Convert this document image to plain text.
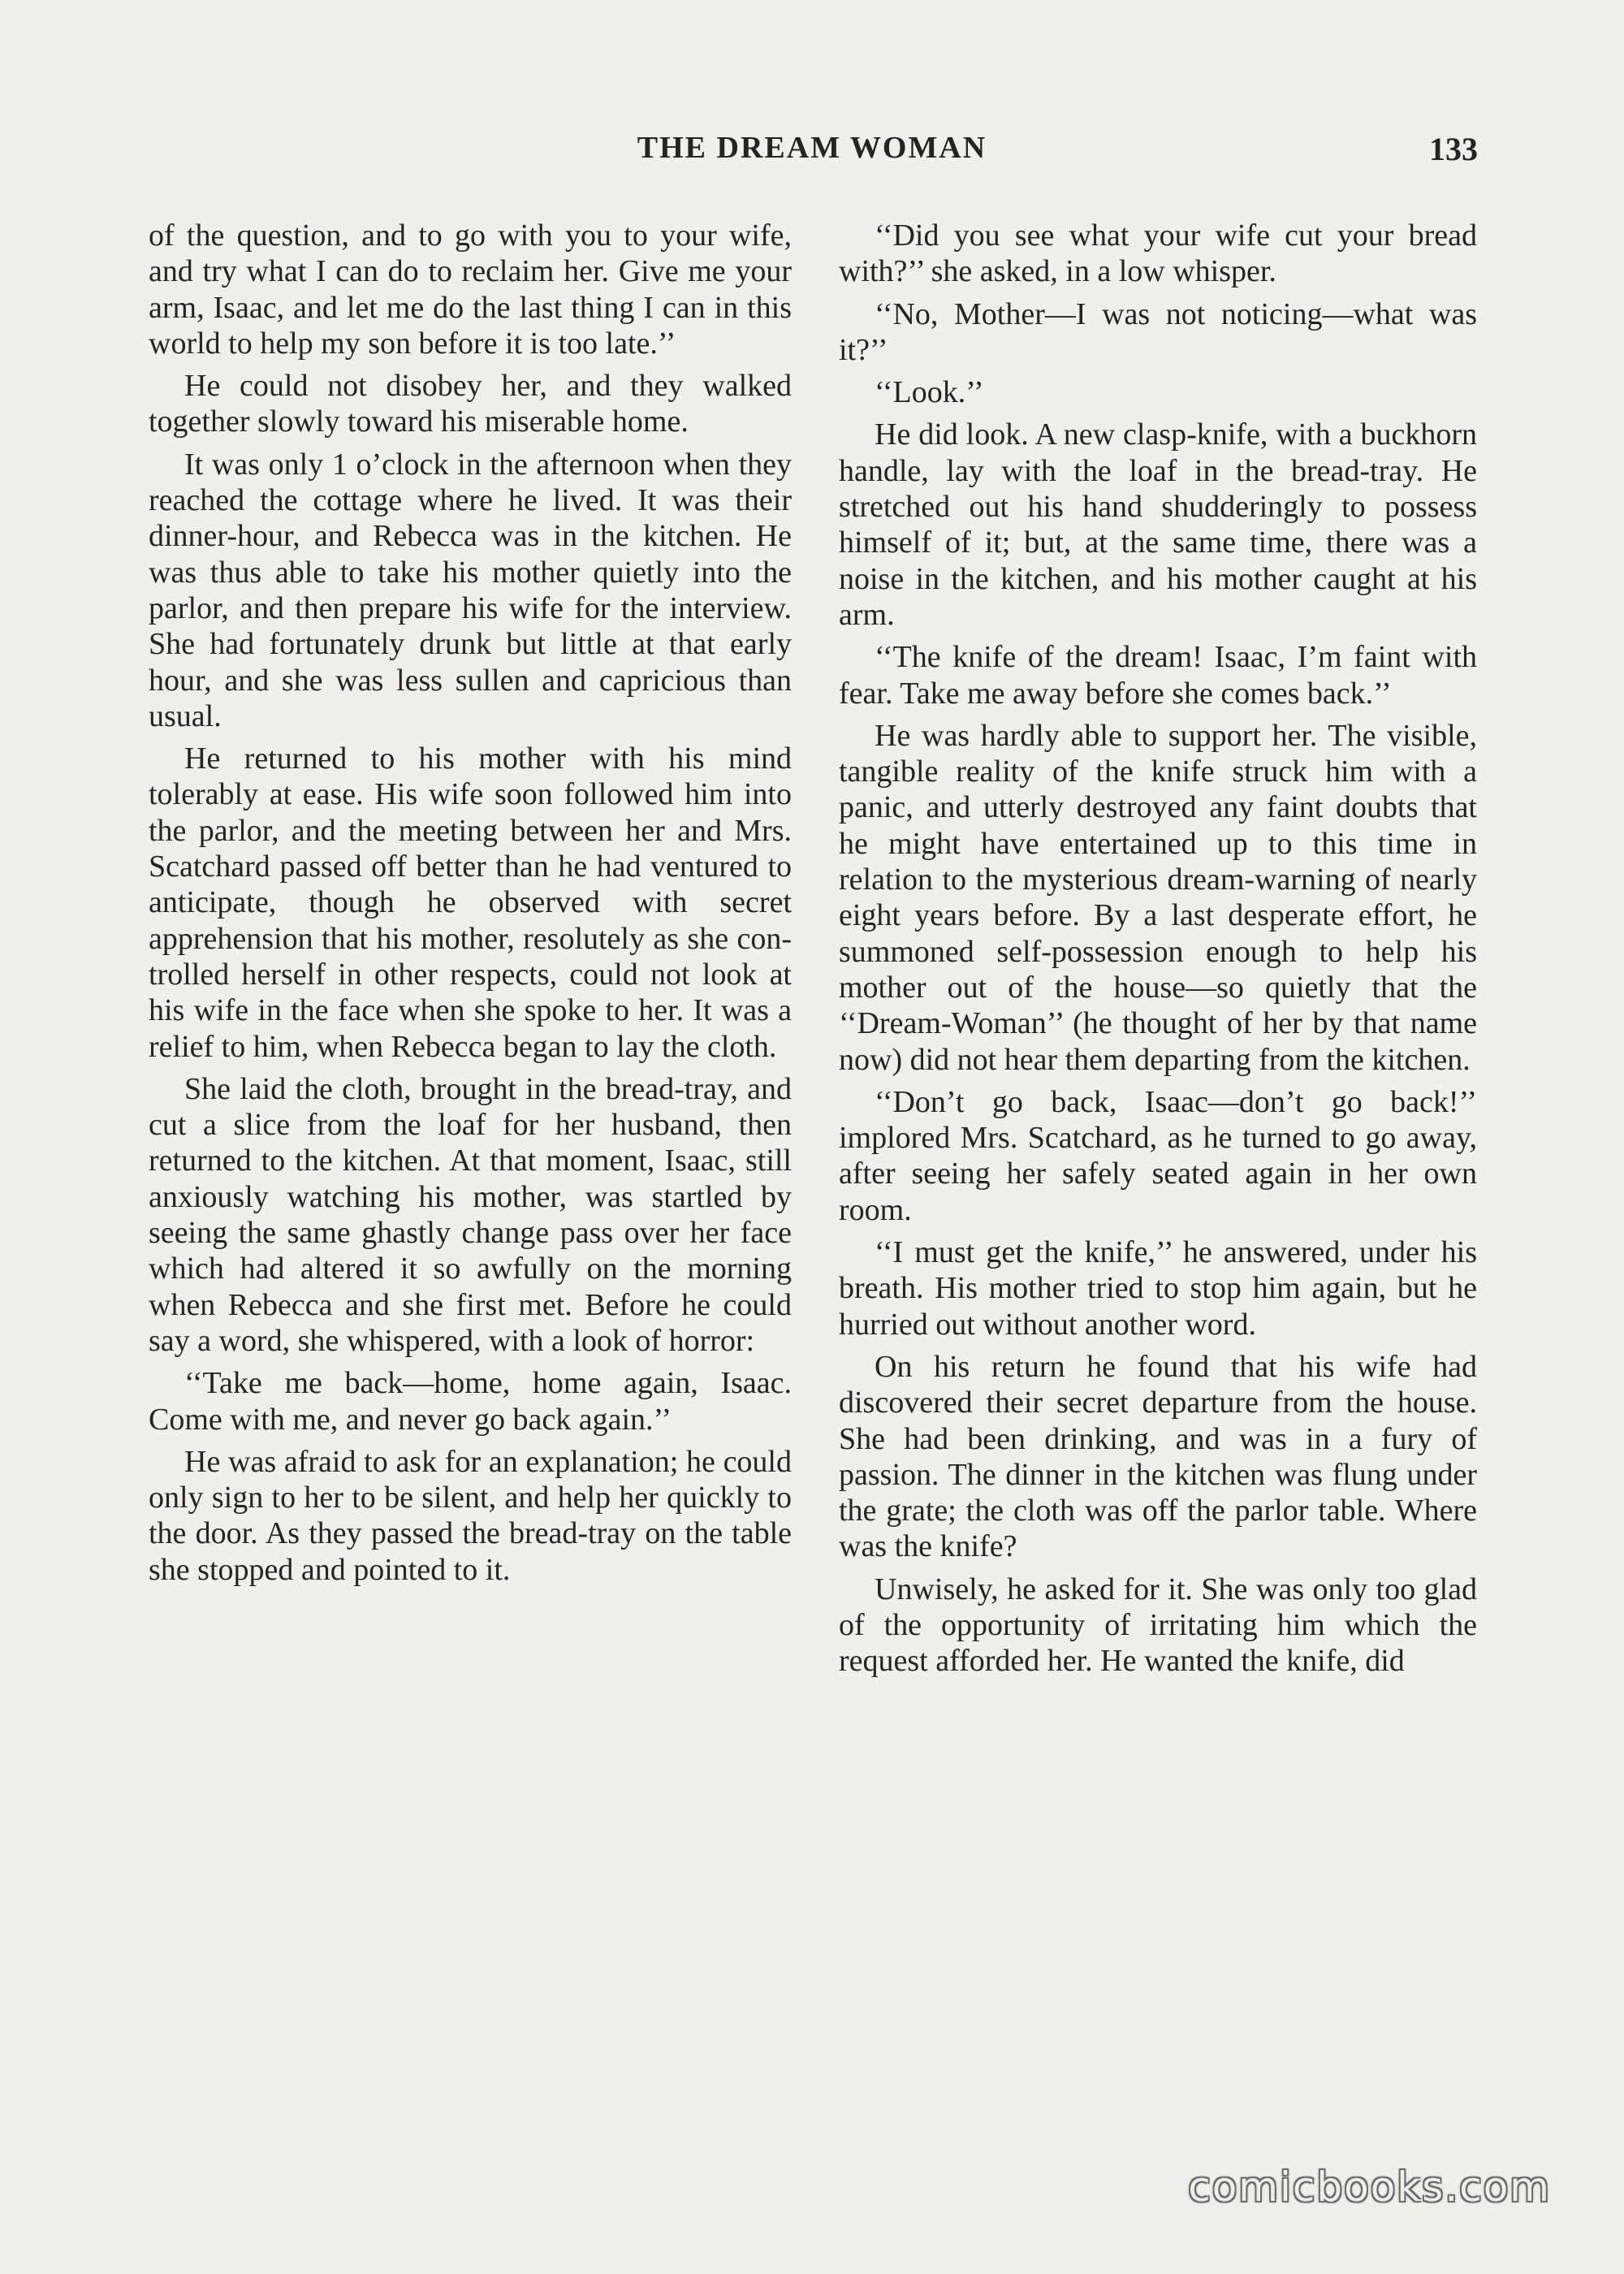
THE DREAM WOMAN	133

of the question, and to go with you to your wife, and try what I can do to reclaim her. Give me your arm, Isaac, and let me do the last thing I can in this world to help my son before it is too late.’’

He could not disobey her, and they walked together slowly toward his miserable home.

It was only 1 o’clock in the afternoon when they reached the cottage where he lived. It was their dinner-hour, and Rebecca was in the kitchen. He was thus able to take his mother quietly into the parlor, and then prepare his wife for the interview. She had fortunately drunk but little at that early hour, and she was less sullen and capricious than usual.

He returned to his mother with his mind tolerably at ease. His wife soon followed him into the parlor, and the meeting between her and Mrs. Scatchard passed off better than he had ventured to anticipate, though he observed with secret apprehension that his mother, resolutely as she controlled herself in other respects, could not look at his wife in the face when she spoke to her. It was a relief to him, when Rebecca began to lay the cloth.

She laid the cloth, brought in the bread-tray, and cut a slice from the loaf for her husband, then returned to the kitchen. At that moment, Isaac, still anxiously watching his mother, was startled by seeing the same ghastly change pass over her face which had altered it so awfully on the morning when Rebecca and she first met. Before he could say a word, she whispered, with a look of horror:

‘‘Take me back—home, home again, Isaac. Come with me, and never go back again.’’

He was afraid to ask for an explanation; he could only sign to her to be silent, and help her quickly to the door. As they passed the bread-tray on the table she stopped and pointed to it.

‘‘Did you see what your wife cut your bread with?’’ she asked, in a low whisper.

‘‘No, Mother—I was not noticing—what was it?’’

‘‘Look.’’

He did look. A new clasp-knife, with a buckhorn handle, lay with the loaf in the bread-tray. He stretched out his hand shudderingly to possess himself of it; but, at the same time, there was a noise in the kitchen, and his mother caught at his arm.

‘‘The knife of the dream! Isaac, I’m faint with fear. Take me away before she comes back.’’

He was hardly able to support her. The visible, tangible reality of the knife struck him with a panic, and utterly destroyed any faint doubts that he might have entertained up to this time in relation to the mysterious dream-warning of nearly eight years before. By a last desperate effort, he summoned self-possession enough to help his mother out of the house—so quietly that the ‘‘Dream-Woman’’ (he thought of her by that name now) did not hear them departing from the kitchen.

‘‘Don’t go back, Isaac—don’t go back!’’ implored Mrs. Scatchard, as he turned to go away, after seeing her safely seated again in her own room.

‘‘I must get the knife,’’ he answered, under his breath. His mother tried to stop him again, but he hurried out without another word.

On his return he found that his wife had discovered their secret departure from the house. She had been drinking, and was in a fury of passion. The dinner in the kitchen was flung under the grate; the cloth was off the parlor table. Where was the knife?

Unwisely, he asked for it. She was only too glad of the opportunity of irritating him which the request afforded her. He wanted the knife, did

comicbooks.com
